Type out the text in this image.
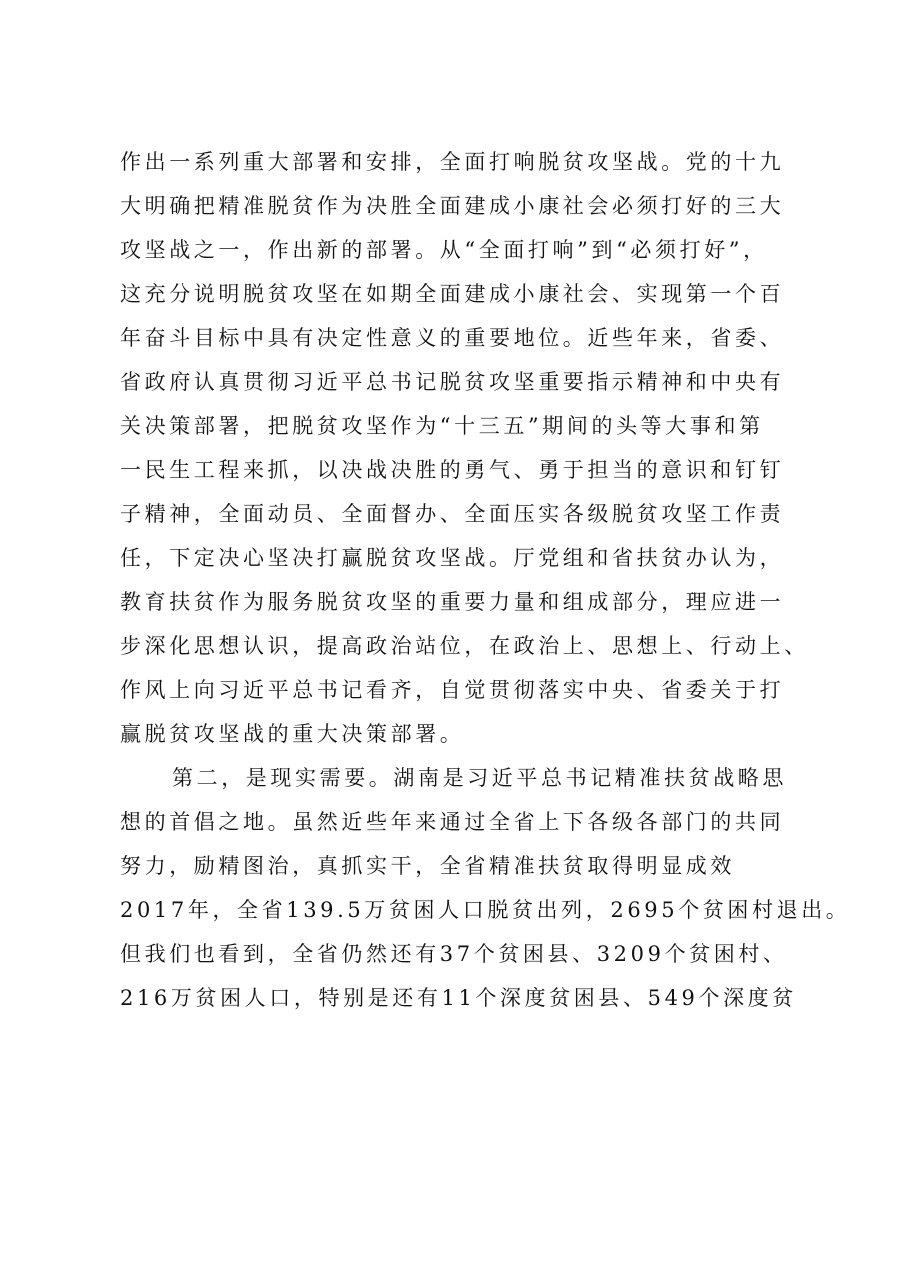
作出一系列重大部署和安排，全面打响脱贫攻坚战。党的十九
大明确把精准脱贫作为决胜全面建成小康社会必须打好的三大
攻坚战之一，作出新的部署。从“全面打响”到“必须打好”，
这充分说明脱贫攻坚在如期全面建成小康社会、实现第一个百
年奋斗目标中具有决定性意义的重要地位。近些年来，省委、
省政府认真贯彻习近平总书记脱贫攻坚重要指示精神和中央有
关决策部署，把脱贫攻坚作为“十三五”期间的头等大事和第
一民生工程来抓，以决战决胜的勇气、勇于担当的意识和钉钉
子精神，全面动员、全面督办、全面压实各级脱贫攻坚工作责
任，下定决心坚决打赢脱贫攻坚战。厅党组和省扶贫办认为，
教育扶贫作为服务脱贫攻坚的重要力量和组成部分，理应进一
步深化思想认识，提高政治站位，在政治上、思想上、行动上、
作风上向习近平总书记看齐，自觉贯彻落实中央、省委关于打
赢脱贫攻坚战的重大决策部署。
第二，是现实需要。湖南是习近平总书记精准扶贫战略思
想的首倡之地。虽然近些年来通过全省上下各级各部门的共同
努力，励精图治，真抓实干，全省精准扶贫取得明显成效
2017年，全省139.5万贫困人口脱贫出列，2695个贫困村退出。
但我们也看到，全省仍然还有37个贫困县、3209个贫困村、
216万贫困人口，特别是还有11个深度贫困县、549个深度贫
